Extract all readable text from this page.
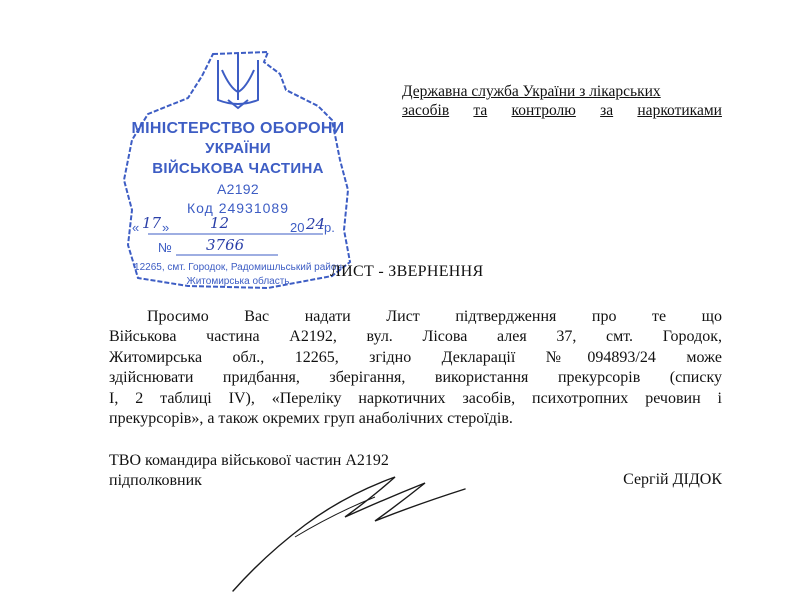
МІНІСТЕРСТВО ОБОРОНИ
УКРАЇНИ
ВІЙСЬКОВА ЧАСТИНА
А2192
Код 24931089
« 17 »	12	20 24
р.
№ 3766
12265, смт. Городок, Радомишльський район
Житомирська область
Державна служба України з лікарських
засобів та контролю за наркотиками
ЛИСТ - ЗВЕРНЕННЯ
Просимо Вас надати Лист підтвердження про те що
Військова частина А2192, вул. Лісова алея 37, смт. Городок,
Житомирська обл., 12265, згідно Декларації №094893/24 може
здійснювати придбання, зберігання, використання прекурсорів (списку
I, 2 таблиці IV), «Переліку наркотичних засобів, психотропних речовин і
прекурсорів», а також окремих груп анаболічних стероїдів.
ТВО командира військової частин А2192
підполковник	Сергій ДІДОК
